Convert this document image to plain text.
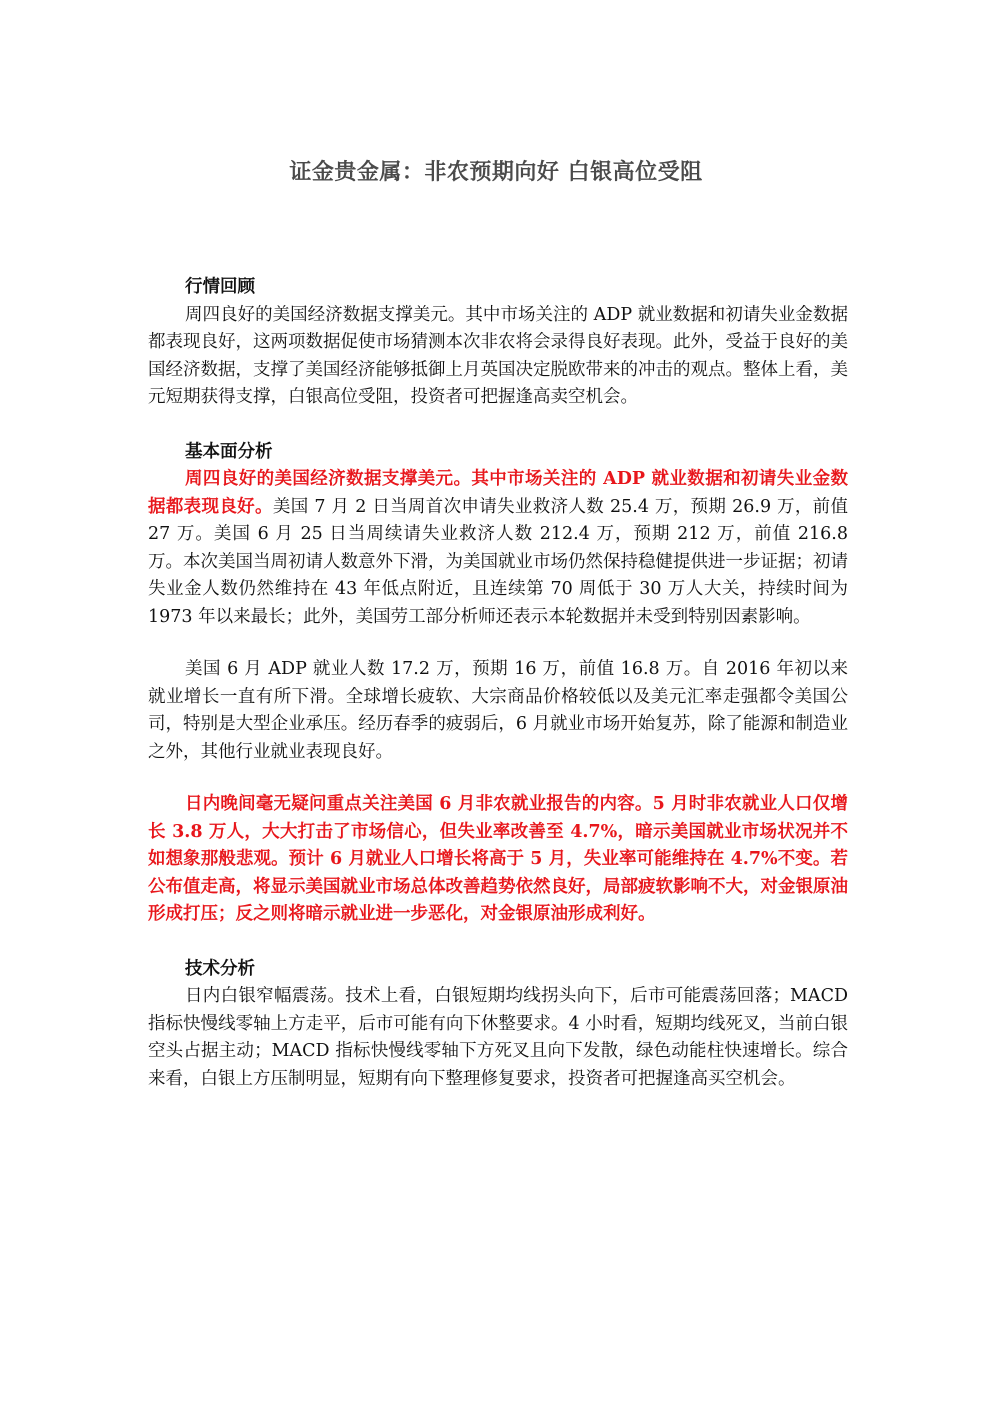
证金贵金属：非农预期向好 白银高位受阻
行情回顾

周四良好的美国经济数据支撑美元。其中市场关注的 ADP 就业数据和初请失业金数据都表现良好，这两项数据促使市场猜测本次非农将会录得良好表现。此外，受益于良好的美国经济数据，支撑了美国经济能够抵御上月英国决定脱欧带来的冲击的观点。整体上看，美元短期获得支撑，白银高位受阻，投资者可把握逢高卖空机会。

基本面分析

周四良好的美国经济数据支撑美元。其中市场关注的 ADP 就业数据和初请失业金数据都表现良好。美国 7 月 2 日当周首次申请失业救济人数 25.4 万，预期 26.9 万，前值 27 万。美国 6 月 25 日当周续请失业救济人数 212.4 万，预期 212 万，前值 216.8 万。本次美国当周初请人数意外下滑，为美国就业市场仍然保持稳健提供进一步证据；初请失业金人数仍然维持在 43 年低点附近，且连续第 70 周低于 30 万人大关，持续时间为 1973 年以来最长；此外，美国劳工部分析师还表示本轮数据并未受到特别因素影响。

美国 6 月 ADP 就业人数 17.2 万，预期 16 万，前值 16.8 万。自 2016 年初以来就业增长一直有所下滑。全球增长疲软、大宗商品价格较低以及美元汇率走强都令美国公司，特别是大型企业承压。经历春季的疲弱后，6 月就业市场开始复苏，除了能源和制造业之外，其他行业就业表现良好。

日内晚间毫无疑问重点关注美国 6 月非农就业报告的内容。5 月时非农就业人口仅增长 3.8 万人，大大打击了市场信心，但失业率改善至 4.7%，暗示美国就业市场状况并不如想象那般悲观。预计 6 月就业人口增长将高于 5 月，失业率可能维持在 4.7%不变。若公布值走高，将显示美国就业市场总体改善趋势依然良好，局部疲软影响不大，对金银原油形成打压；反之则将暗示就业进一步恶化，对金银原油形成利好。

技术分析

日内白银窄幅震荡。技术上看，白银短期均线拐头向下，后市可能震荡回落；MACD 指标快慢线零轴上方走平，后市可能有向下休整要求。4 小时看，短期均线死叉，当前白银空头占据主动；MACD 指标快慢线零轴下方死叉且向下发散，绿色动能柱快速增长。综合来看，白银上方压制明显，短期有向下整理修复要求，投资者可把握逢高买空机会。
